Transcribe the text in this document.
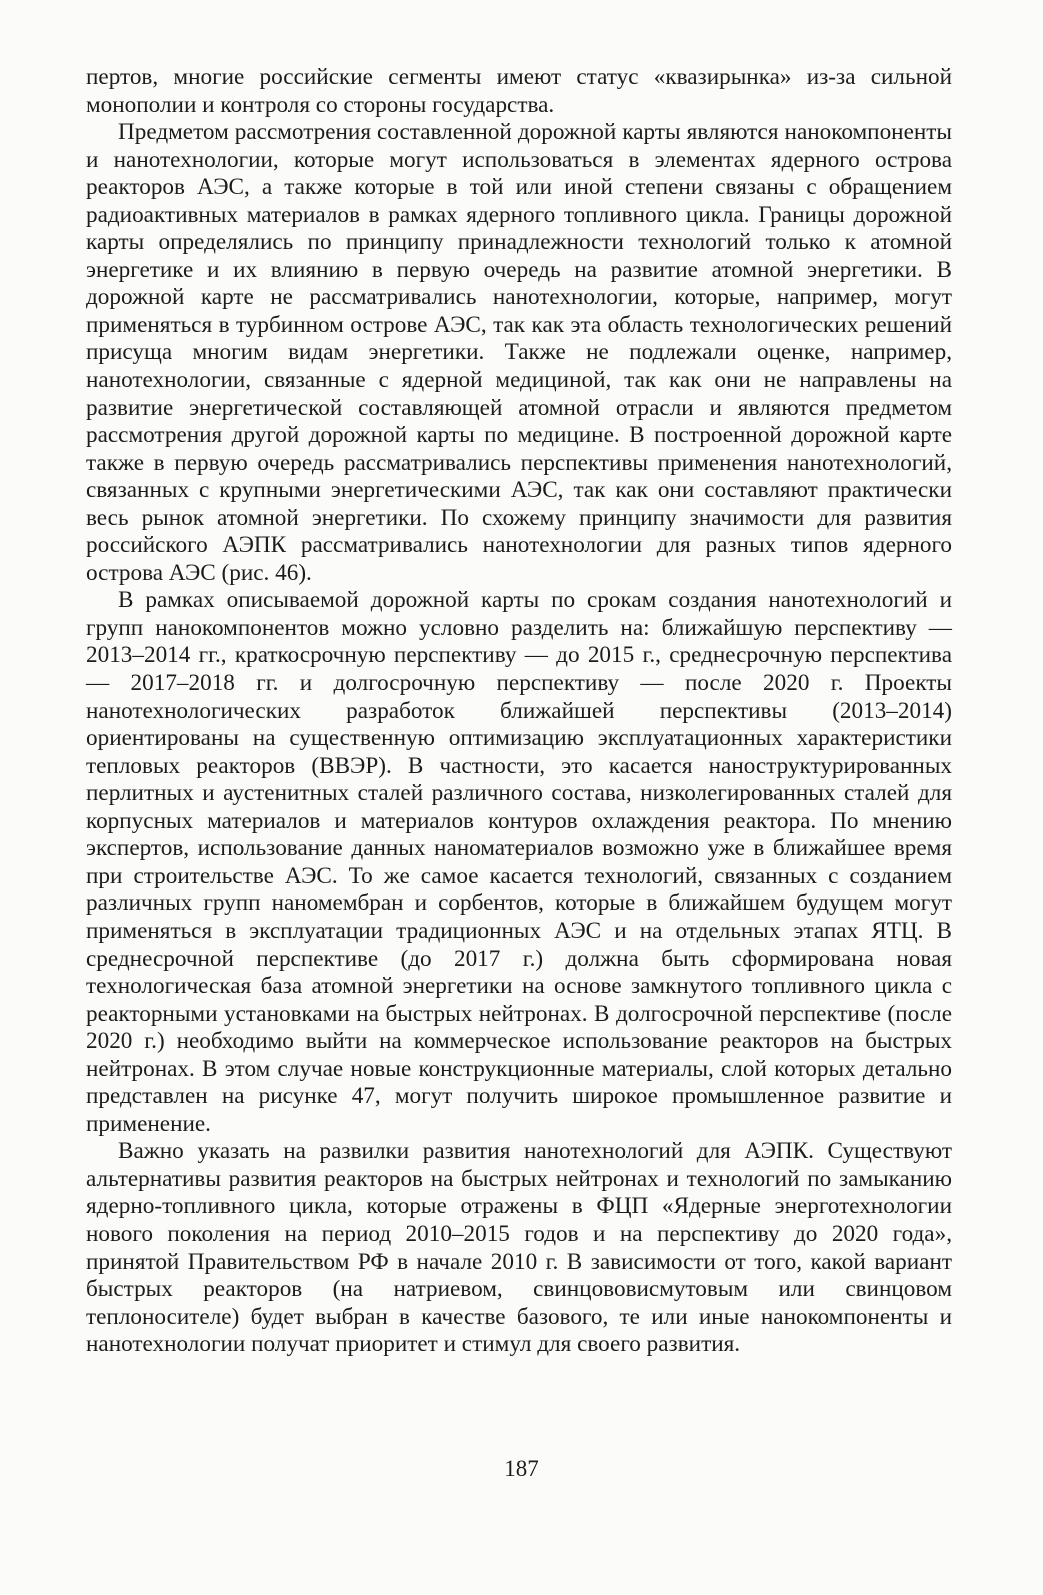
пертов, многие российские сегменты имеют статус «квазирынка» из-за сильной монополии и контроля со стороны государства.

Предметом рассмотрения составленной дорожной карты являются нанокомпоненты и нанотехнологии, которые могут использоваться в элементах ядерного острова реакторов АЭС, а также которые в той или иной степени связаны с обращением радиоактивных материалов в рамках ядерного топливного цикла. Границы дорожной карты определялись по принципу принадлежности технологий только к атомной энергетике и их влиянию в первую очередь на развитие атомной энергетики. В дорожной карте не рассматривались нанотехнологии, которые, например, могут применяться в турбинном острове АЭС, так как эта область технологических решений присуща многим видам энергетики. Также не подлежали оценке, например, нанотехнологии, связанные с ядерной медициной, так как они не направлены на развитие энергетической составляющей атомной отрасли и являются предметом рассмотрения другой дорожной карты по медицине. В построенной дорожной карте также в первую очередь рассматривались перспективы применения нанотехнологий, связанных с крупными энергетическими АЭС, так как они составляют практически весь рынок атомной энергетики. По схожему принципу значимости для развития российского АЭПК рассматривались нанотехнологии для разных типов ядерного острова АЭС (рис. 46).

В рамках описываемой дорожной карты по срокам создания нанотехнологий и групп нанокомпонентов можно условно разделить на: ближайшую перспективу — 2013–2014 гг., краткосрочную перспективу — до 2015 г., среднесрочную перспектива — 2017–2018 гг. и долгосрочную перспективу — после 2020 г. Проекты нанотехнологических разработок ближайшей перспективы (2013–2014) ориентированы на существенную оптимизацию эксплуатационных характеристики тепловых реакторов (ВВЭР). В частности, это касается наноструктурированных перлитных и аустенитных сталей различного состава, низколегированных сталей для корпусных материалов и материалов контуров охлаждения реактора. По мнению экспертов, использование данных наноматериалов возможно уже в ближайшее время при строительстве АЭС. То же самое касается технологий, связанных с созданием различных групп наномембран и сорбентов, которые в ближайшем будущем могут применяться в эксплуатации традиционных АЭС и на отдельных этапах ЯТЦ. В среднесрочной перспективе (до 2017 г.) должна быть сформирована новая технологическая база атомной энергетики на основе замкнутого топливного цикла с реакторными установками на быстрых нейтронах. В долгосрочной перспективе (после 2020 г.) необходимо выйти на коммерческое использование реакторов на быстрых нейтронах. В этом случае новые конструкционные материалы, слой которых детально представлен на рисунке 47, могут получить широкое промышленное развитие и применение.

Важно указать на развилки развития нанотехнологий для АЭПК. Существуют альтернативы развития реакторов на быстрых нейтронах и технологий по замыканию ядерно-топливного цикла, которые отражены в ФЦП «Ядерные энерготехнологии нового поколения на период 2010–2015 годов и на перспективу до 2020 года», принятой Правительством РФ в начале 2010 г. В зависимости от того, какой вариант быстрых реакторов (на натриевом, свинцововисмутовым или свинцовом теплоносителе) будет выбран в качестве базового, те или иные нанокомпоненты и нанотехнологии получат приоритет и стимул для своего развития.

187
